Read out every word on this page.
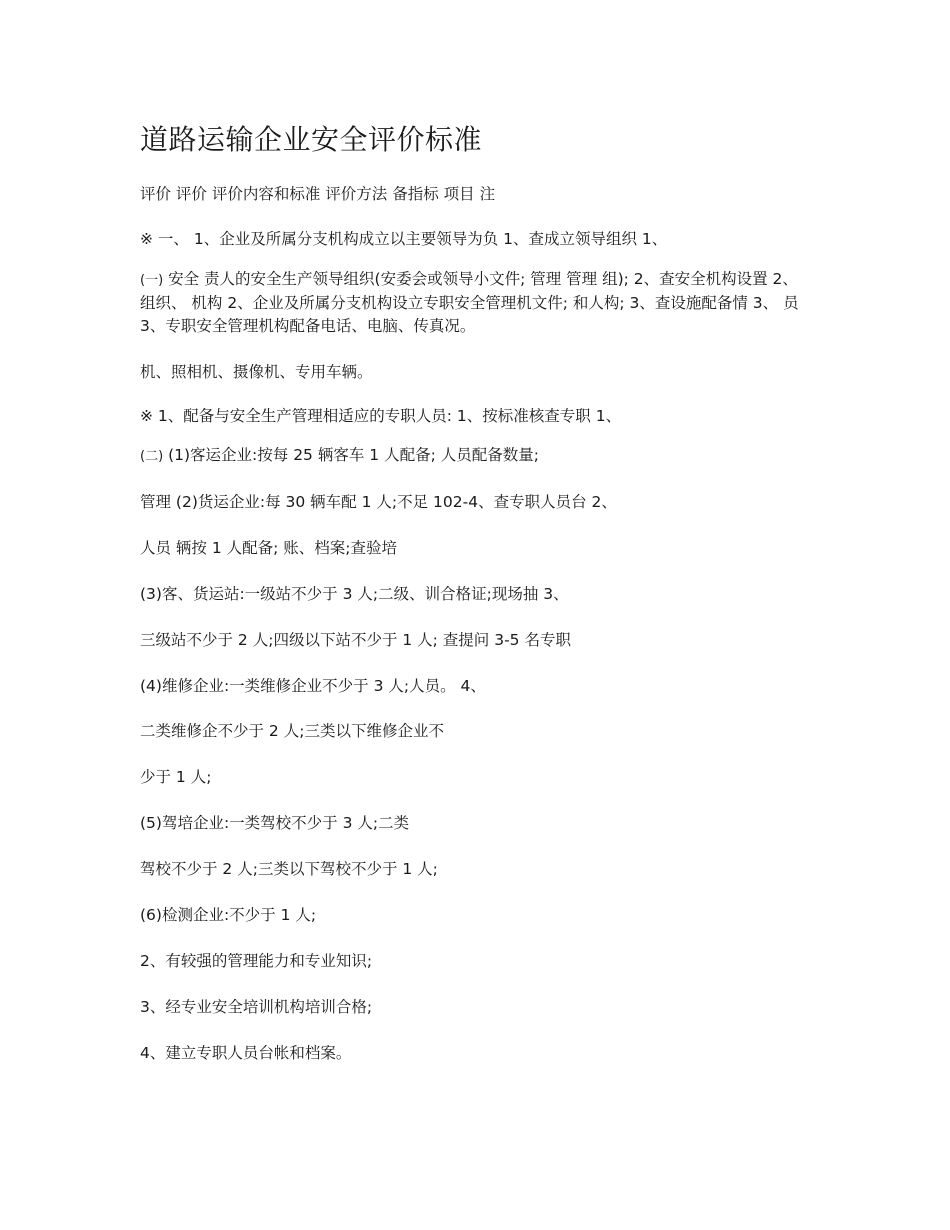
道路运输企业安全评价标准

评价 评价 评价内容和标准 评价方法 备指标 项目 注

※ 一、 1、企业及所属分支机构成立以主要领导为负 1、查成立领导组织 1、

(一) 安全 责人的安全生产领导组织(安委会或领导小文件; 管理 管理 组); 2、查安全机构设置 2、 组织、 机构 2、企业及所属分支机构设立专职安全管理机文件; 和人构; 3、查设施配备情 3、 员 3、专职安全管理机构配备电话、电脑、传真况。

机、照相机、摄像机、专用车辆。

※ 1、配备与安全生产管理相适应的专职人员: 1、按标准核查专职 1、

(二) (1)客运企业:按每 25 辆客车 1 人配备; 人员配备数量;

管理 (2)货运企业:每 30 辆车配 1 人;不足 102-4、查专职人员台 2、

人员 辆按 1 人配备; 账、档案;查验培

(3)客、货运站:一级站不少于 3 人;二级、训合格证;现场抽 3、

三级站不少于 2 人;四级以下站不少于 1 人; 查提问 3-5 名专职

(4)维修企业:一类维修企业不少于 3 人;人员。 4、

二类维修企不少于 2 人;三类以下维修企业不

少于 1 人;

(5)驾培企业:一类驾校不少于 3 人;二类

驾校不少于 2 人;三类以下驾校不少于 1 人;

(6)检测企业:不少于 1 人;

2、有较强的管理能力和专业知识;

3、经专业安全培训机构培训合格;

4、建立专职人员台帐和档案。
